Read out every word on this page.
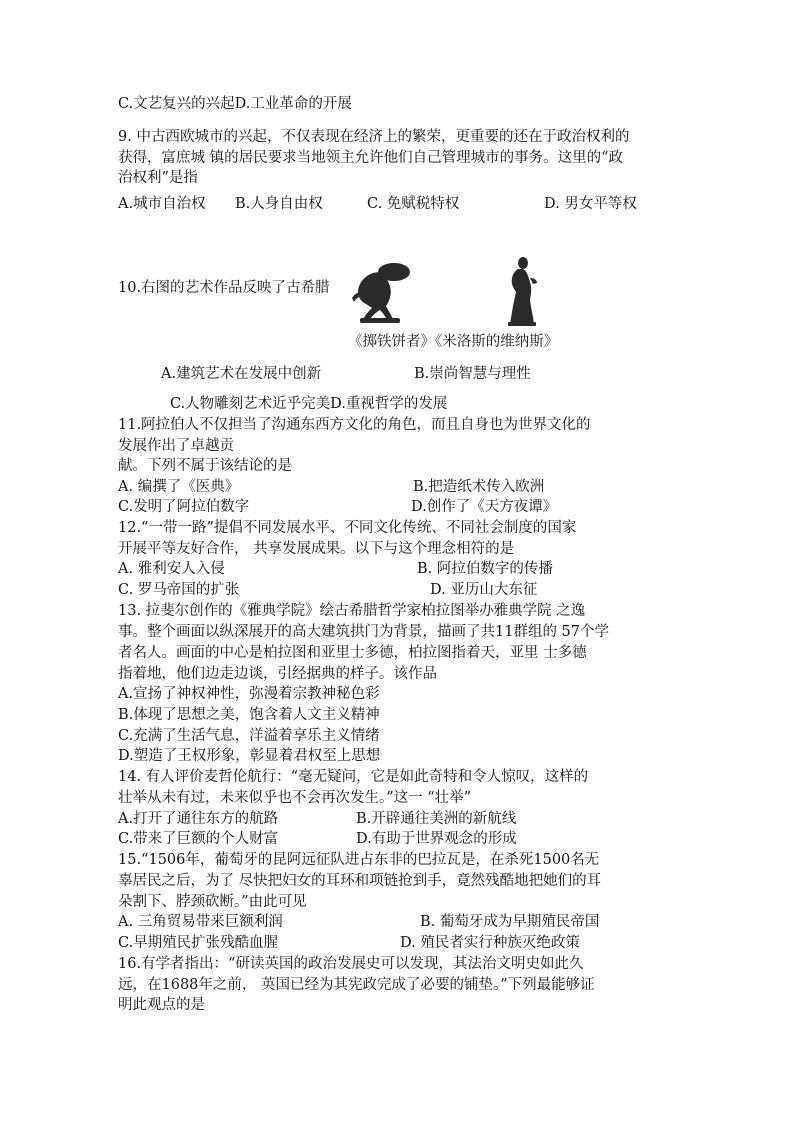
C.文艺复兴的兴起D.工业革命的开展
9. 中古西欧城市的兴起，不仅表现在经济上的繁荣，更重要的还在于政治权利的
获得，富庶城 镇的居民要求当地领主允许他们自己管理城市的事务。这里的“政
治权利”是指
A.城市自治权 B.人身自由权	C. 免赋税特权	D. 男女平等权
10.右图的艺术作品反映了古希腊
《掷铁饼者》《米洛斯的维纳斯》
A.建筑艺术在发展中创新	B.崇尚智慧与理性
C.人物雕刻艺术近乎完美D.重视哲学的发展
11.阿拉伯人不仅担当了沟通东西方文化的角色，而且自身也为世界文化的
发展作出了卓越贡
献。下列不属于该结论的是
A. 编撰了《医典》	B.把造纸术传入欧洲
C.发明了阿拉伯数字	D.创作了《天方夜谭》
12.“一带一路”提倡不同发展水平、不同文化传统、不同社会制度的国家
开展平等友好合作， 共享发展成果。以下与这个理念相符的是
A. 雅利安人入侵	B. 阿拉伯数字的传播
C. 罗马帝国的扩张	D. 亚历山大东征
13. 拉斐尔创作的《雅典学院》绘古希腊哲学家柏拉图举办雅典学院 之逸
事。整个画面以纵深展开的高大建筑拱门为背景，描画了共11群组的 57个学
者名人。画面的中心是柏拉图和亚里士多德，柏拉图指着天，亚里 士多德
指着地，他们边走边谈，引经据典的样子。该作品
A.宣扬了神权神性，弥漫着宗教神秘色彩
B.体现了思想之美，饱含着人文主义精神
C.充满了生活气息，洋溢着享乐主义情绪
D.塑造了王权形象，彰显着君权至上思想
14. 有人评价麦哲伦航行：“毫无疑问，它是如此奇特和令人惊叹，这样的
壮举从未有过，未来似乎也不会再次发生。”这一 “壮举”
A.打开了通往东方的航路	B.开辟通往美洲的新航线
C.带来了巨额的个人财富	D.有助于世界观念的形成
15.“1506年，葡萄牙的昆阿远征队进占东非的巴拉瓦是，在杀死1500名无
辜居民之后，为了 尽快把妇女的耳环和项链抢到手，竟然残酷地把她们的耳
朵割下、脖颈砍断。”由此可见
A. 三角贸易带来巨额利润	B. 葡萄牙成为早期殖民帝国
C.早期殖民扩张残酷血腥	D. 殖民者实行种族灭绝政策
16.有学者指出：“研读英国的政治发展史可以发现，其法治文明史如此久
远，在1688年之前， 英国已经为其宪政完成了必要的铺垫。”下列最能够证
明此观点的是
